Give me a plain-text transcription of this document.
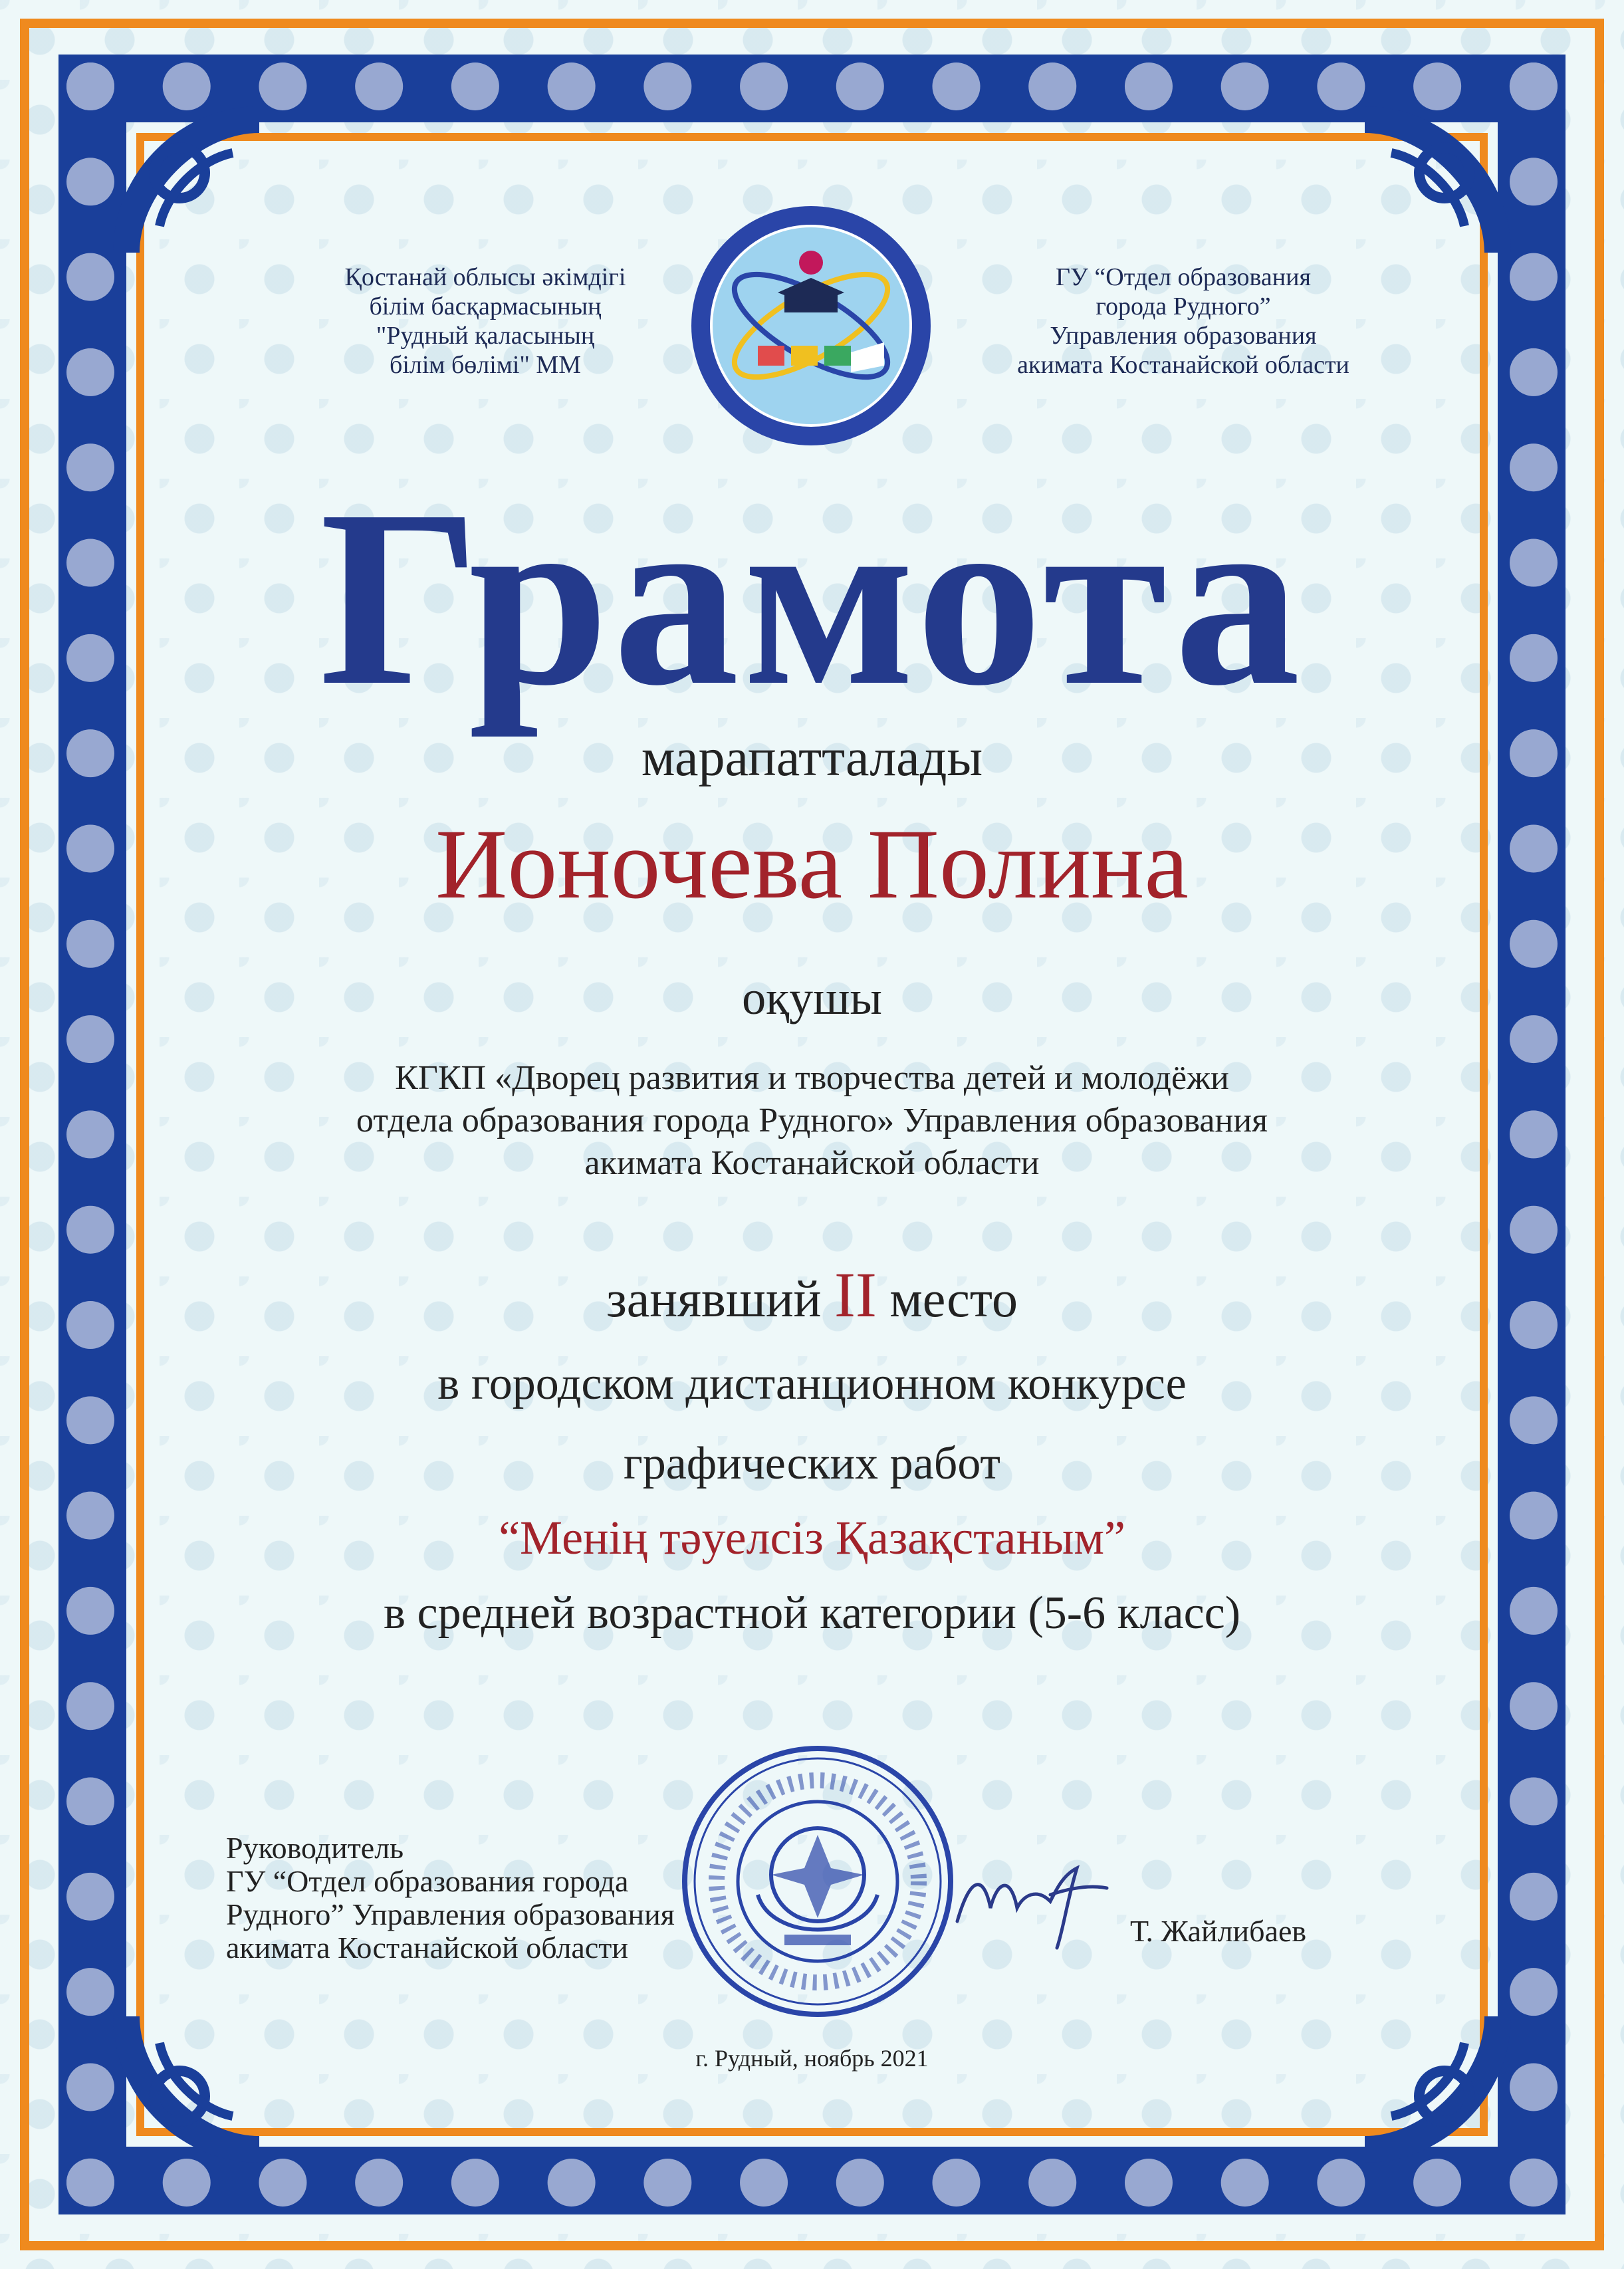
Қостанай облысы әкімдігі
білім басқармасының
"Рудный қаласының
білім бөлімі" ММ
ГУ “Отдел образования
города Рудного”
Управления образования
акимата Костанайской области
Грамота
марапатталады
Ионочева Полина
оқушы
КГКП «Дворец развития и творчества детей и молодёжи
отдела образования города Рудного» Управления образования
акимата Костанайской области
занявший II место
в городском дистанционном конкурсе
графических работ
“Менің тәуелсіз Қазақстаным”
в средней возрастной категории (5-6 класс)
Руководитель
ГУ “Отдел образования города
Рудного” Управления образования
акимата Костанайской области	Т. Жайлибаев
г. Рудный, ноябрь 2021
